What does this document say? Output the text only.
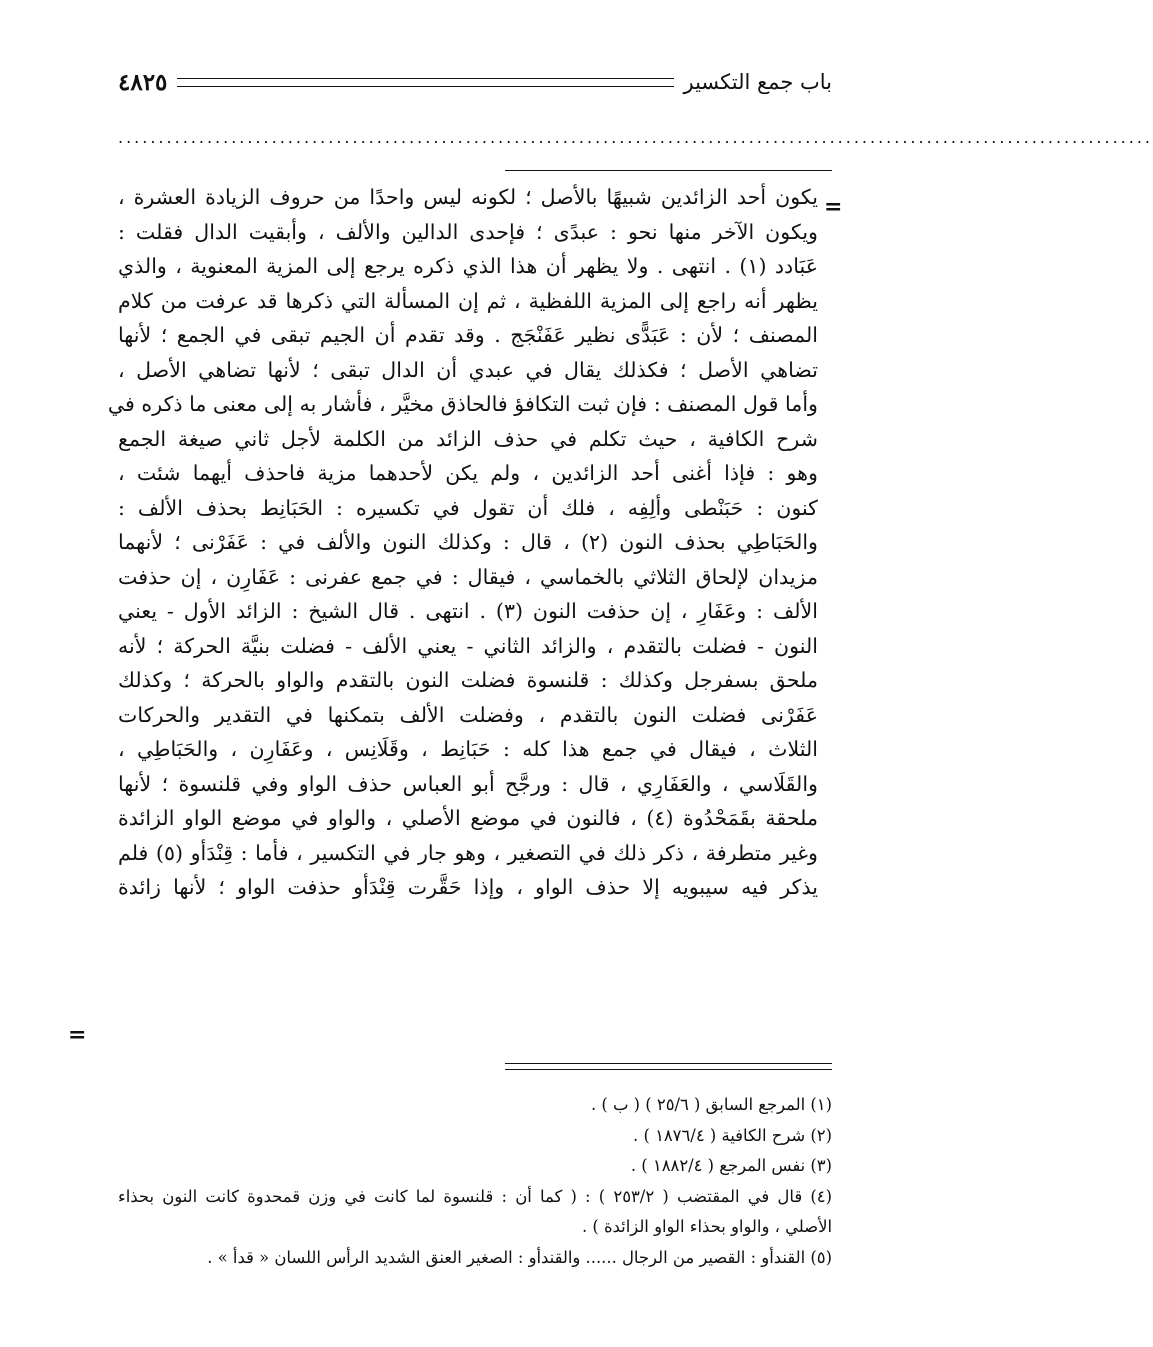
باب جمع التكسير
٤٨٢٥
................................................................................................................................
=
يكون أحد الزائدين شبيهًا بالأصل ؛ لكونه ليس واحدًا من حروف الزيادة العشرة ،
ويكون الآخر منها نحو : عبدًى ؛ فإحدى الدالين والألف ، وأبقيت الدال فقلت :
عَبَادد (١) . انتهى . ولا يظهر أن هذا الذي ذكره يرجع إلى المزية المعنوية ، والذي
يظهر أنه راجع إلى المزية اللفظية ، ثم إن المسألة التي ذكرها قد عرفت من كلام
المصنف ؛ لأن : عَبَدًّى نظير عَفَنْجَج . وقد تقدم أن الجيم تبقى في الجمع ؛ لأنها
تضاهي الأصل ؛ فكذلك يقال في عبدي أن الدال تبقى ؛ لأنها تضاهي الأصل ،
وأما قول المصنف : فإن ثبت التكافؤ فالحاذق مخيَّر ، فأشار به إلى معنى ما ذكره في
شرح الكافية ، حيث تكلم في حذف الزائد من الكلمة لأجل ثاني صيغة الجمع
وهو : فإذا أغنى أحد الزائدين ، ولم يكن لأحدهما مزية فاحذف أيهما شئت ،
كنون : حَبَنْطى وألِفِه ، فلك أن تقول في تكسيره : الحَبَانِط بحذف الألف :
والحَبَاطِي بحذف النون (٢) ، قال : وكذلك النون والألف في : عَفَرْنى ؛ لأنهما
مزيدان لإلحاق الثلاثي بالخماسي ، فيقال : في جمع عفرنى : عَفَارِن ، إن حذفت
الألف : وعَفَارِ ، إن حذفت النون (٣) . انتهى . قال الشيخ : الزائد الأول - يعني
النون - فضلت بالتقدم ، والزائد الثاني - يعني الألف - فضلت بنيَّة الحركة ؛ لأنه
ملحق بسفرجل وكذلك : قلنسوة فضلت النون بالتقدم والواو بالحركة ؛ وكذلك
عَفَرْنى فضلت النون بالتقدم ، وفضلت الألف بتمكنها في التقدير والحركات
الثلاث ، فيقال في جمع هذا كله : حَبَانِط ، وقَلَانِس ، وعَفَارِن ، والحَبَاطِي ،
والقَلَاسي ، والعَفَارِي ، قال : ورجَّح أبو العباس حذف الواو وفي قلنسوة ؛ لأنها
ملحقة بقَمَحْدُوة (٤) ، فالنون في موضع الأصلي ، والواو في موضع الواو الزائدة
وغير متطرفة ، ذكر ذلك في التصغير ، وهو جار في التكسير ، فأما : قِنْدَأو (٥) فلم
يذكر فيه سيبويه إلا حذف الواو ، وإذا حَقَّرت قِنْدَأو حذفت الواو ؛ لأنها زائدة
=
(١) المرجع السابق ( ٢٥/٦ ) ( ب ) .
(٢) شرح الكافية ( ١٨٧٦/٤ ) .
(٣) نفس المرجع ( ١٨٨٢/٤ ) .
(٤) قال في المقتضب ( ٢٥٣/٢ ) : ( كما أن : قلنسوة لما كانت في وزن قمحدوة كانت النون بحذاء
الأصلي ، والواو بحذاء الواو الزائدة ) .
(٥) القندأو : القصير من الرجال ...... والقندأو : الصغير العنق الشديد الرأس اللسان « قدأ » .
